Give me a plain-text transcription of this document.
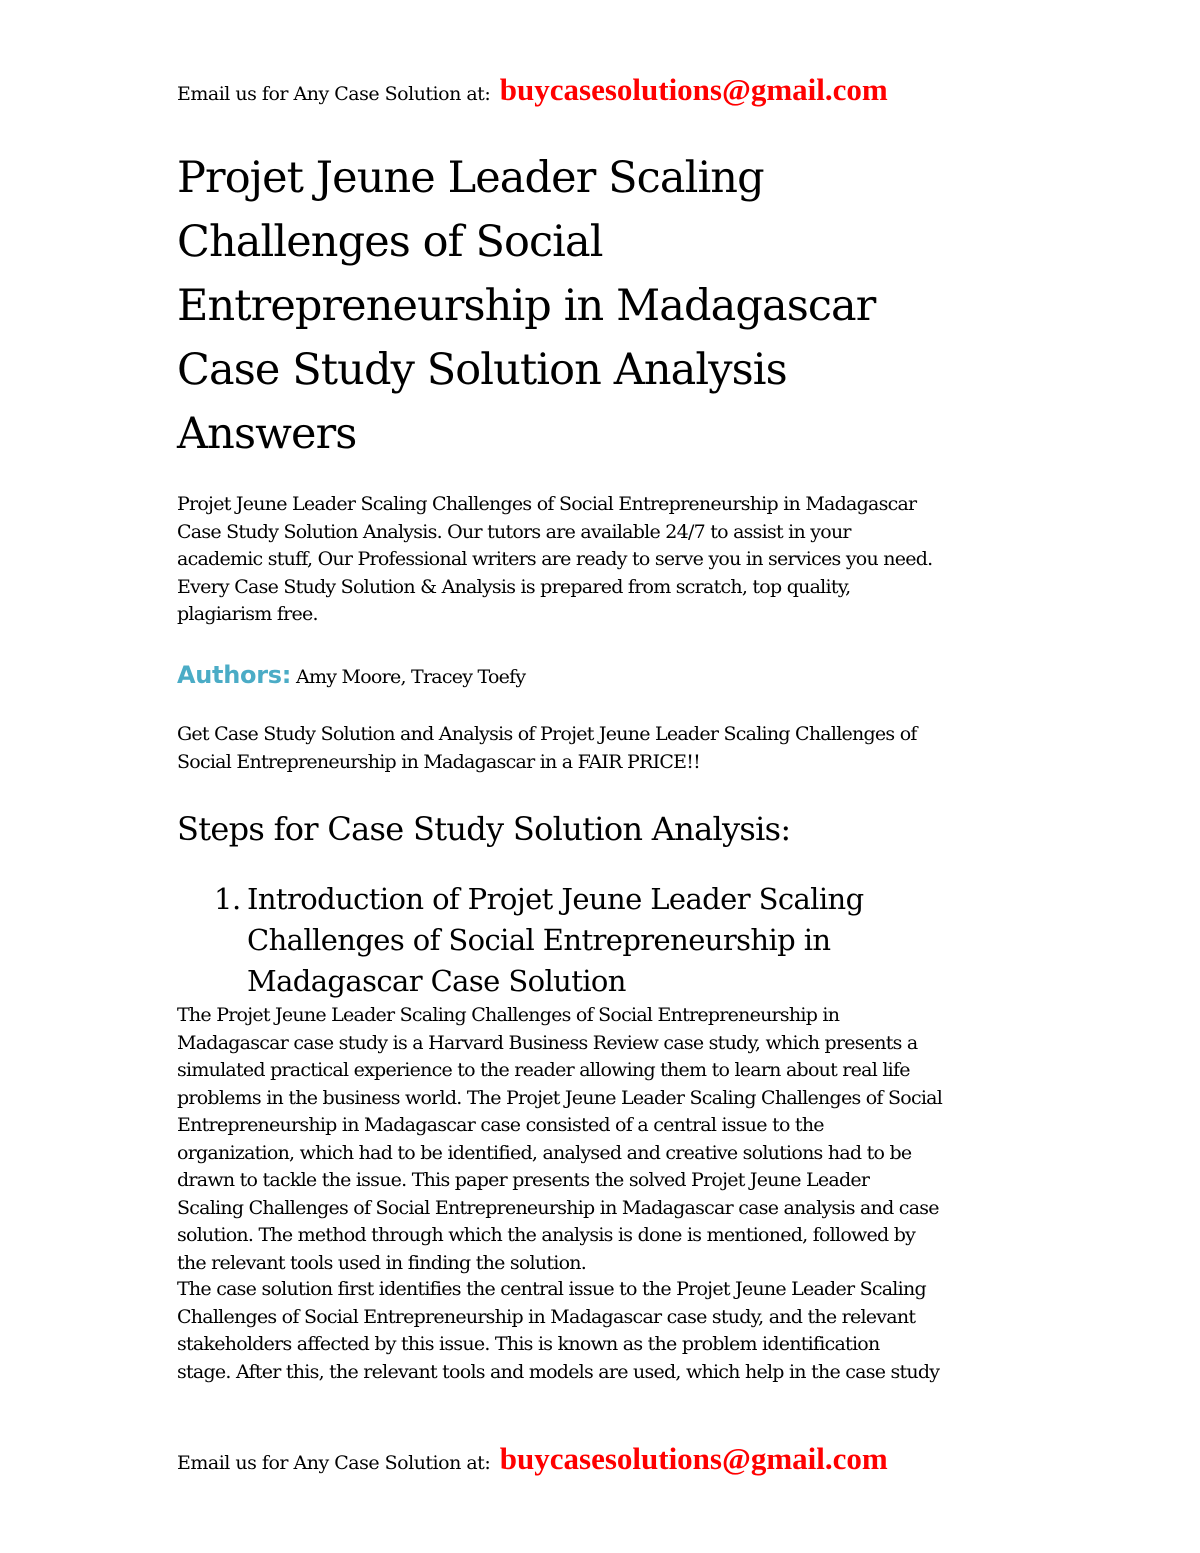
Email us for Any Case Solution at: buycasesolutions@gmail.com
Projet Jeune Leader Scaling
Challenges of Social
Entrepreneurship in Madagascar
Case Study Solution Analysis
Answers

Projet Jeune Leader Scaling Challenges of Social Entrepreneurship in Madagascar
Case Study Solution Analysis. Our tutors are available 24/7 to assist in your
academic stuff, Our Professional writers are ready to serve you in services you need.
Every Case Study Solution & Analysis is prepared from scratch, top quality,
plagiarism free.

Authors: Amy Moore, Tracey Toefy

Get Case Study Solution and Analysis of Projet Jeune Leader Scaling Challenges of
Social Entrepreneurship in Madagascar in a FAIR PRICE!!

Steps for Case Study Solution Analysis:
1. Introduction of Projet Jeune Leader Scaling
Challenges of Social Entrepreneurship in
Madagascar Case Solution

The Projet Jeune Leader Scaling Challenges of Social Entrepreneurship in
Madagascar case study is a Harvard Business Review case study, which presents a
simulated practical experience to the reader allowing them to learn about real life
problems in the business world. The Projet Jeune Leader Scaling Challenges of Social
Entrepreneurship in Madagascar case consisted of a central issue to the
organization, which had to be identified, analysed and creative solutions had to be
drawn to tackle the issue. This paper presents the solved Projet Jeune Leader
Scaling Challenges of Social Entrepreneurship in Madagascar case analysis and case
solution. The method through which the analysis is done is mentioned, followed by
the relevant tools used in finding the solution.

The case solution first identifies the central issue to the Projet Jeune Leader Scaling
Challenges of Social Entrepreneurship in Madagascar case study, and the relevant
stakeholders affected by this issue. This is known as the problem identification
stage. After this, the relevant tools and models are used, which help in the case study

Email us for Any Case Solution at: buycasesolutions@gmail.com
